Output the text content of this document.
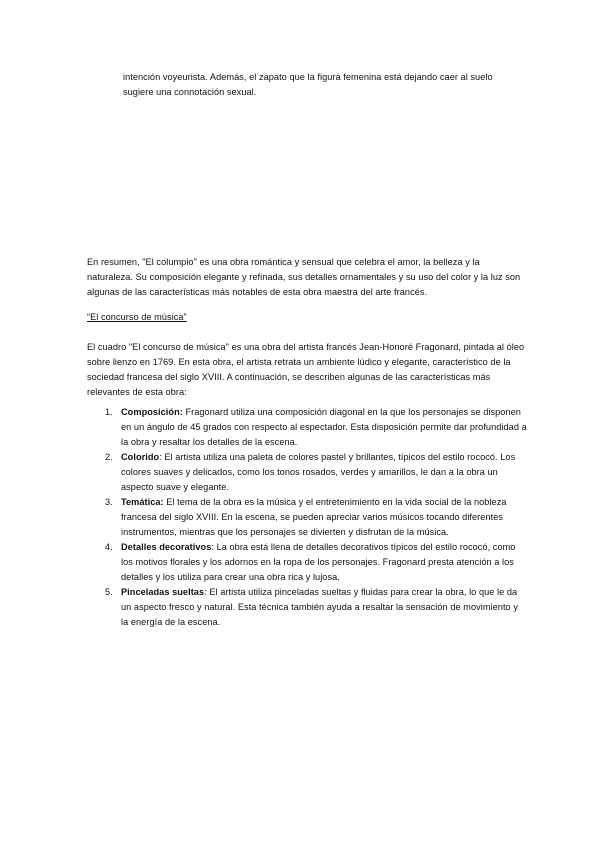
intención voyeurista. Además, el zapato que la figura femenina está dejando caer al suelo sugiere una connotación sexual.

En resumen, "El columpio" es una obra romántica y sensual que celebra el amor, la belleza y la naturaleza. Su composición elegante y refinada, sus detalles ornamentales y su uso del color y la luz son algunas de las características más notables de esta obra maestra del arte francés.

“El concurso de música”

El cuadro "El concurso de música" es una obra del artista francés Jean-Honoré Fragonard, pintada al óleo sobre lienzo en 1769. En esta obra, el artista retrata un ambiente lúdico y elegante, característico de la sociedad francesa del siglo XVIII. A continuación, se describen algunas de las características más relevantes de esta obra:

1. Composición: Fragonard utiliza una composición diagonal en la que los personajes se disponen en un ángulo de 45 grados con respecto al espectador. Esta disposición permite dar profundidad a la obra y resaltar los detalles de la escena.
2. Colorido: El artista utiliza una paleta de colores pastel y brillantes, típicos del estilo rococó. Los colores suaves y delicados, como los tonos rosados, verdes y amarillos, le dan a la obra un aspecto suave y elegante.
3. Temática: El tema de la obra es la música y el entretenimiento en la vida social de la nobleza francesa del siglo XVIII. En la escena, se pueden apreciar varios músicos tocando diferentes instrumentos, mientras que los personajes se divierten y disfrutan de la música.
4. Detalles decorativos: La obra está llena de detalles decorativos típicos del estilo rococó, como los motivos florales y los adornos en la ropa de los personajes. Fragonard presta atención a los detalles y los utiliza para crear una obra rica y lujosa.
5. Pinceladas sueltas: El artista utiliza pinceladas sueltas y fluidas para crear la obra, lo que le da un aspecto fresco y natural. Esta técnica también ayuda a resaltar la sensación de movimiento y la energía de la escena.
